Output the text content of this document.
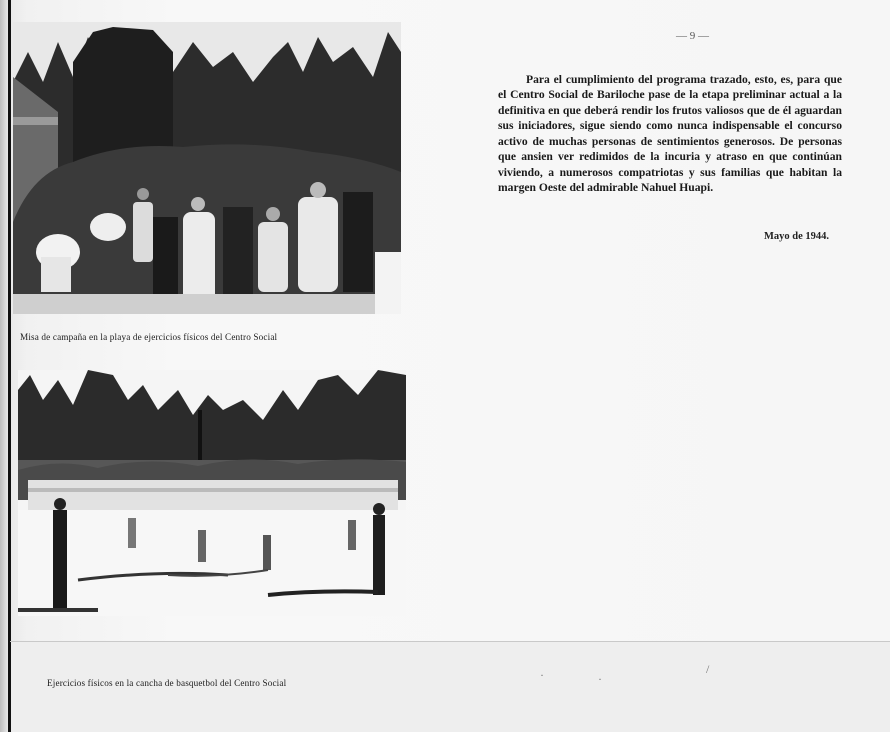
Misa de campaña en la playa de ejercicios físicos del Centro Social
Ejercicios físicos en la cancha de basquetbol del Centro Social
— 9 —

Para el cumplimiento del programa trazado, esto, es, para que el Centro Social de Bariloche pase de la etapa preliminar actual a la definitiva en que deberá rendir los frutos valiosos que de él aguardan sus iniciadores, sigue siendo como nunca indispensable el concurso activo de muchas personas de sentimientos generosos. De personas que ansien ver redimidos de la incuria y atraso en que continúan viviendo, a numerosos compatriotas y sus familias que habitan la margen Oeste del admirable Nahuel Huapi.

Mayo de 1944.
·	·
/
